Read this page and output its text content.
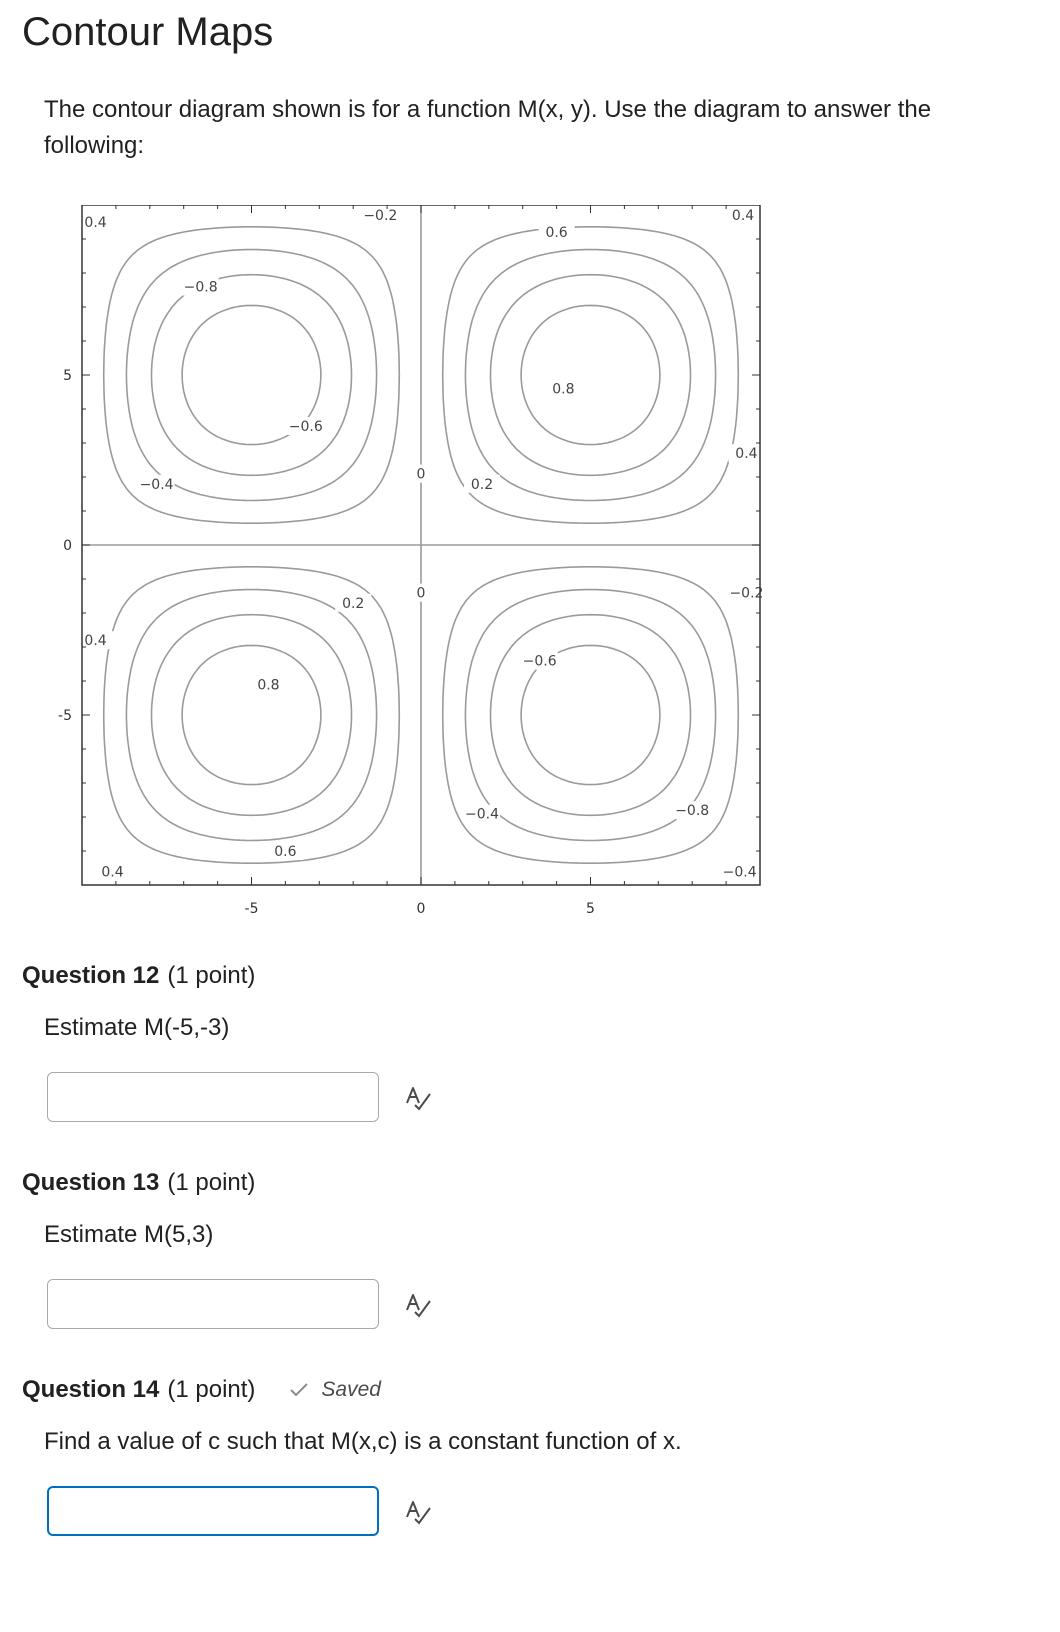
Contour Maps

The contour diagram shown is for a function M(x, y). Use the diagram to answer the following:

0.4
−0.8
−0.2
0.6
0.4
0.8
−0.6
0.4
0
−0.4	0.2
−0.2
0.2
0
0.4
−0.6
0.8
−0.4	−0.8
0.6
0.4	−0.4
-5	0	5
5
0
-5
Question 12 (1 point)

Estimate M(-5,-3)

Question 13 (1 point)

Estimate M(5,3)

Question 14 (1 point)	Saved

Find a value of c such that M(x,c) is a constant function of x.
